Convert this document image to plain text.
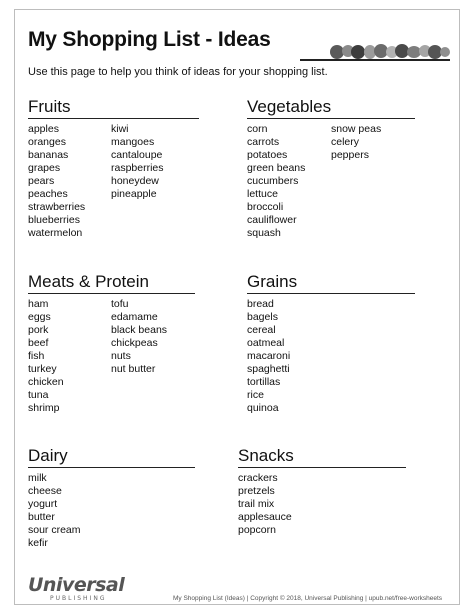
My Shopping List - Ideas
Use this page to help you think of ideas for your shopping list.
Fruits
apples
oranges
bananas
grapes
pears
peaches
strawberries
blueberries
watermelon
kiwi
mangoes
cantaloupe
raspberries
honeydew
pineapple
Vegetables
corn
carrots
potatoes
green beans
cucumbers
lettuce
broccoli
cauliflower
squash
snow peas
celery
peppers
Meats & Protein
ham
eggs
pork
beef
fish
turkey
chicken
tuna
shrimp
tofu
edamame
black beans
chickpeas
nuts
nut butter
Grains
bread
bagels
cereal
oatmeal
macaroni
spaghetti
tortillas
rice
quinoa
Dairy
milk
cheese
yogurt
butter
sour cream
kefir
Snacks
crackers
pretzels
trail mix
applesauce
popcorn
Universal
PUBLISHING	My Shopping List (Ideas) | Copyright © 2018, Universal Publishing | upub.net/free-worksheets
